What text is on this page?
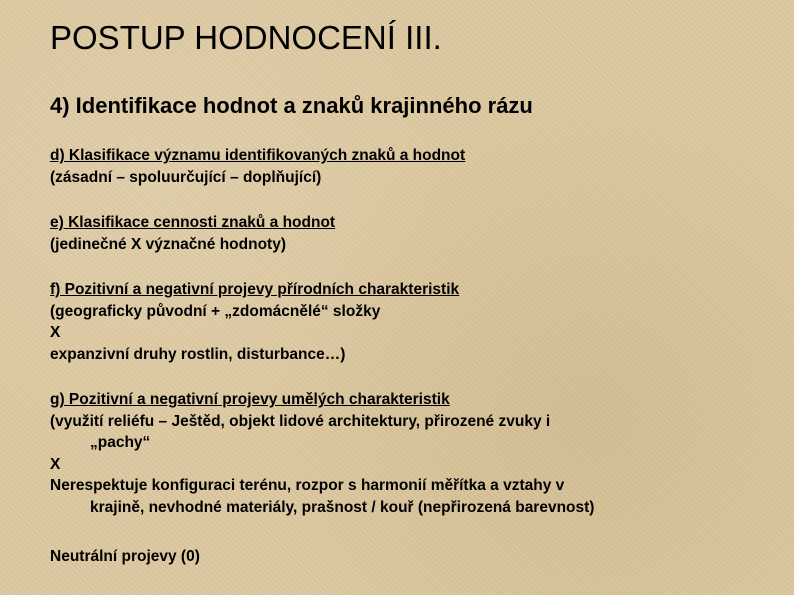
POSTUP HODNOCENÍ III.
4) Identifikace hodnot a znaků krajinného rázu
d) Klasifikace významu identifikovaných znaků a hodnot
(zásadní – spoluurčující – doplňující)
e) Klasifikace cennosti znaků a hodnot
(jedinečné X význačné hodnoty)
f) Pozitivní a negativní projevy přírodních charakteristik
(geograficky původní + „zdomácnělé“ složky
X
expanzivní druhy rostlin, disturbance…)
g) Pozitivní a negativní projevy umělých charakteristik
(využití reliéfu – Ještěd, objekt lidové architektury, přirozené zvuky i
„pachy“
X
Nerespektuje konfiguraci terénu, rozpor s harmonií měřítka a vztahy v
krajině, nevhodné materiály, prašnost / kouř (nepřirozená barevnost)
Neutrální projevy (0)
